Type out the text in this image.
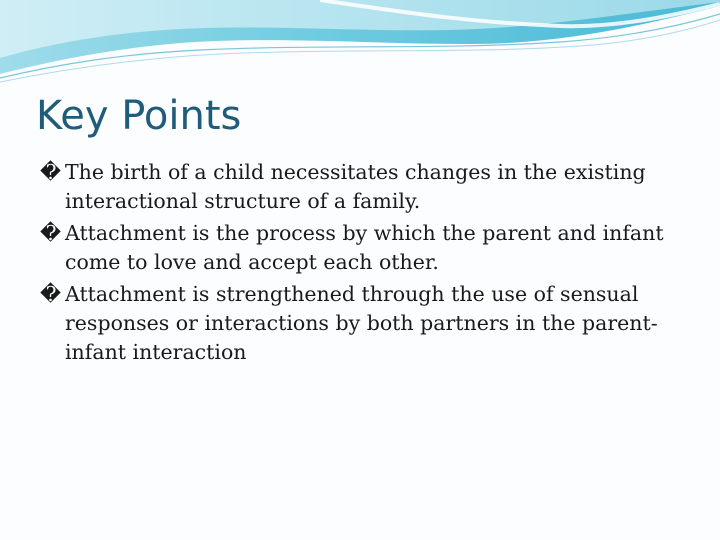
Key Points
� The birth of a child necessitates changes in the existing interactional structure of a family.
� Attachment is the process by which the parent and infant come to love and accept each other.
� Attachment is strengthened through the use of sensual responses or interactions by both partners in the parent-infant interaction
